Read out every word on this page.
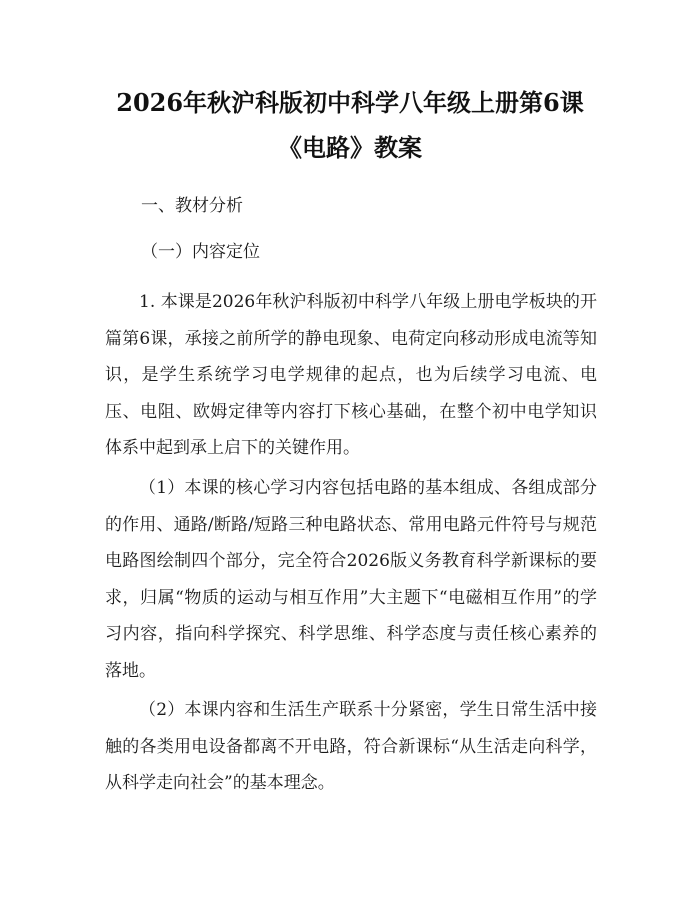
2026年秋沪科版初中科学八年级上册第6课
《电路》教案
一、教材分析
（一）内容定位

1. 本课是2026年秋沪科版初中科学八年级上册电学板块的开篇第6课，承接之前所学的静电现象、电荷定向移动形成电流等知识，是学生系统学习电学规律的起点，也为后续学习电流、电压、电阻、欧姆定律等内容打下核心基础，在整个初中电学知识体系中起到承上启下的关键作用。

（1）本课的核心学习内容包括电路的基本组成、各组成部分的作用、通路/断路/短路三种电路状态、常用电路元件符号与规范电路图绘制四个部分，完全符合2026版义务教育科学新课标的要求，归属“物质的运动与相互作用”大主题下“电磁相互作用”的学习内容，指向科学探究、科学思维、科学态度与责任核心素养的落地。

（2）本课内容和生活生产联系十分紧密，学生日常生活中接触的各类用电设备都离不开电路，符合新课标“从生活走向科学，从科学走向社会”的基本理念。
